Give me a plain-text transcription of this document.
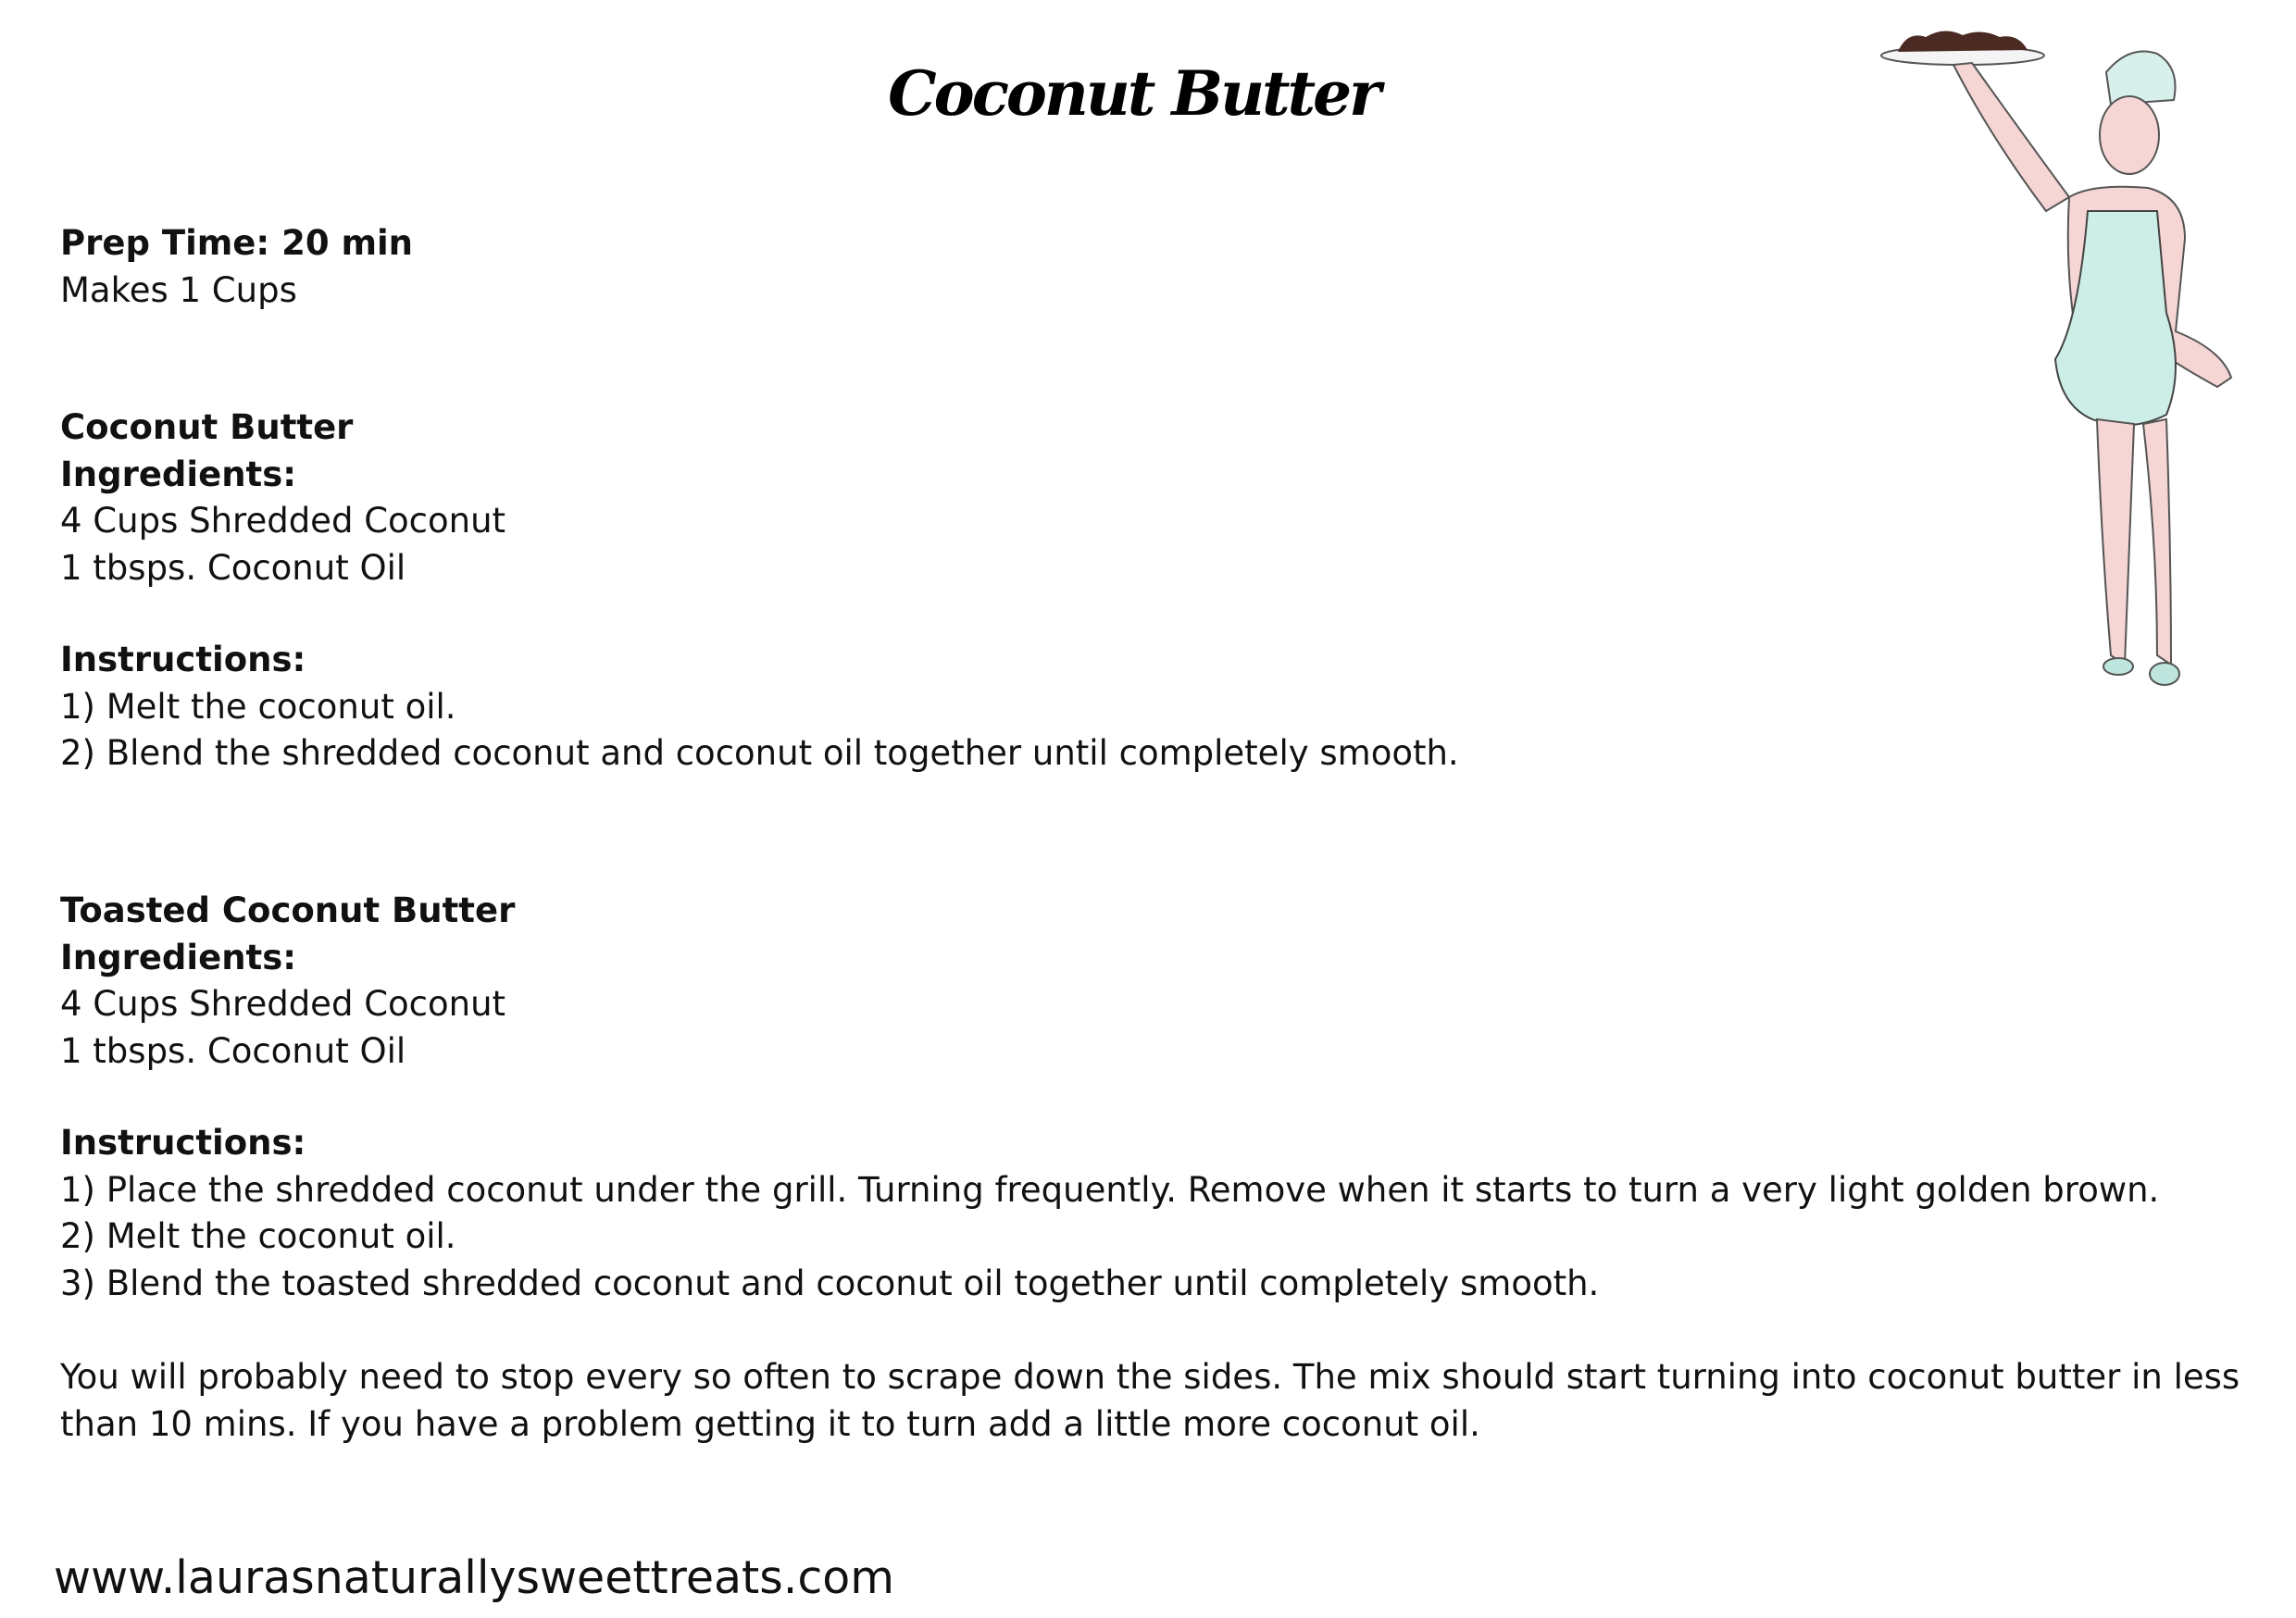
Coconut Butter
Prep Time: 20 min
Makes 1 Cups
Coconut Butter
Ingredients:
4 Cups Shredded Coconut
1 tbsps. Coconut Oil
Instructions:
1) Melt the coconut oil.
2) Blend the shredded coconut and coconut oil together until completely smooth.
Toasted Coconut Butter
Ingredients:
4 Cups Shredded Coconut
1 tbsps. Coconut Oil
Instructions:
1) Place the shredded coconut under the grill. Turning frequently. Remove when it starts to turn a very light golden brown.
2) Melt the coconut oil.
3) Blend the toasted shredded coconut and coconut oil together until completely smooth.
You will probably need to stop every so often to scrape down the sides. The mix should start turning into coconut butter in less
than 10 mins. If you have a problem getting it to turn add a little more coconut oil.
www.laurasnaturallysweettreats.com
